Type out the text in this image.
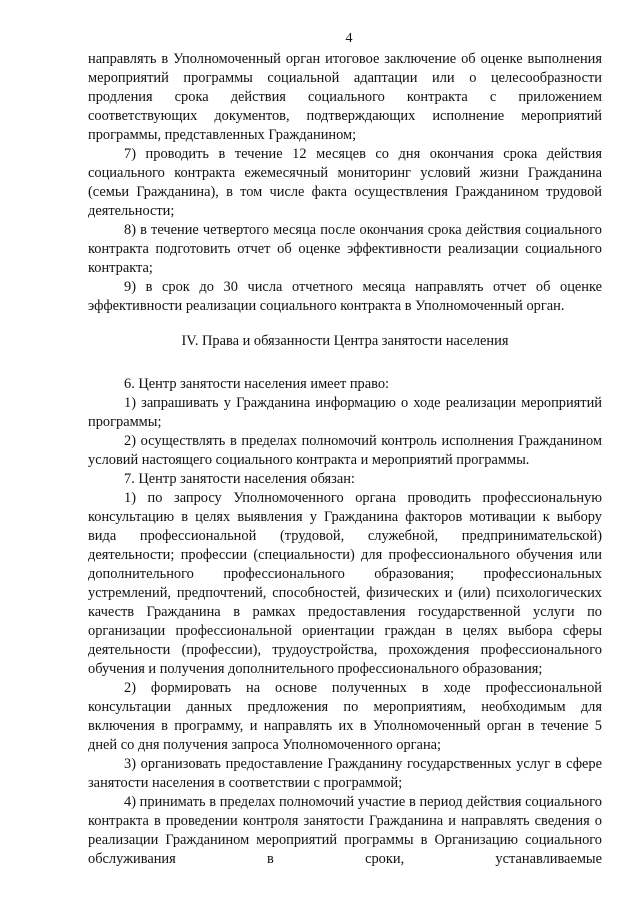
4

направлять в Уполномоченный орган итоговое заключение об оценке выполнения мероприятий программы социальной адаптации или о целесообразности продления срока действия социального контракта с приложением соответствующих документов, подтверждающих исполнение мероприятий программы, представленных Гражданином;

7) проводить в течение 12 месяцев со дня окончания срока действия социального контракта ежемесячный мониторинг условий жизни Гражданина (семьи Гражданина), в том числе факта осуществления Гражданином трудовой деятельности;

8) в течение четвертого месяца после окончания срока действия социального контракта подготовить отчет об оценке эффективности реализации социального контракта;

9) в срок до 30 числа отчетного месяца направлять отчет об оценке эффективности реализации социального контракта в Уполномоченный орган.

IV. Права и обязанности Центра занятости населения

6. Центр занятости населения имеет право:

1) запрашивать у Гражданина информацию о ходе реализации мероприятий программы;

2) осуществлять в пределах полномочий контроль исполнения Гражданином условий настоящего социального контракта и мероприятий программы.

7. Центр занятости населения обязан:

1) по запросу Уполномоченного органа проводить профессиональную консультацию в целях выявления у Гражданина факторов мотивации к выбору вида профессиональной (трудовой, служебной, предпринимательской) деятельности; профессии (специальности) для профессионального обучения или дополнительного профессионального образования; профессиональных устремлений, предпочтений, способностей, физических и (или) психологических качеств Гражданина в рамках предоставления государственной услуги по организации профессиональной ориентации граждан в целях выбора сферы деятельности (профессии), трудоустройства, прохождения профессионального обучения и получения дополнительного профессионального образования;

2) формировать на основе полученных в ходе профессиональной консультации данных предложения по мероприятиям, необходимым для включения в программу, и направлять их в Уполномоченный орган в течение 5 дней со дня получения запроса Уполномоченного органа;

3) организовать предоставление Гражданину государственных услуг в сфере занятости населения в соответствии с программой;

4) принимать в пределах полномочий участие в период действия социального контракта в проведении контроля занятости Гражданина и направлять сведения о реализации Гражданином мероприятий программы в Организацию социального обслуживания в сроки, устанавливаемые
